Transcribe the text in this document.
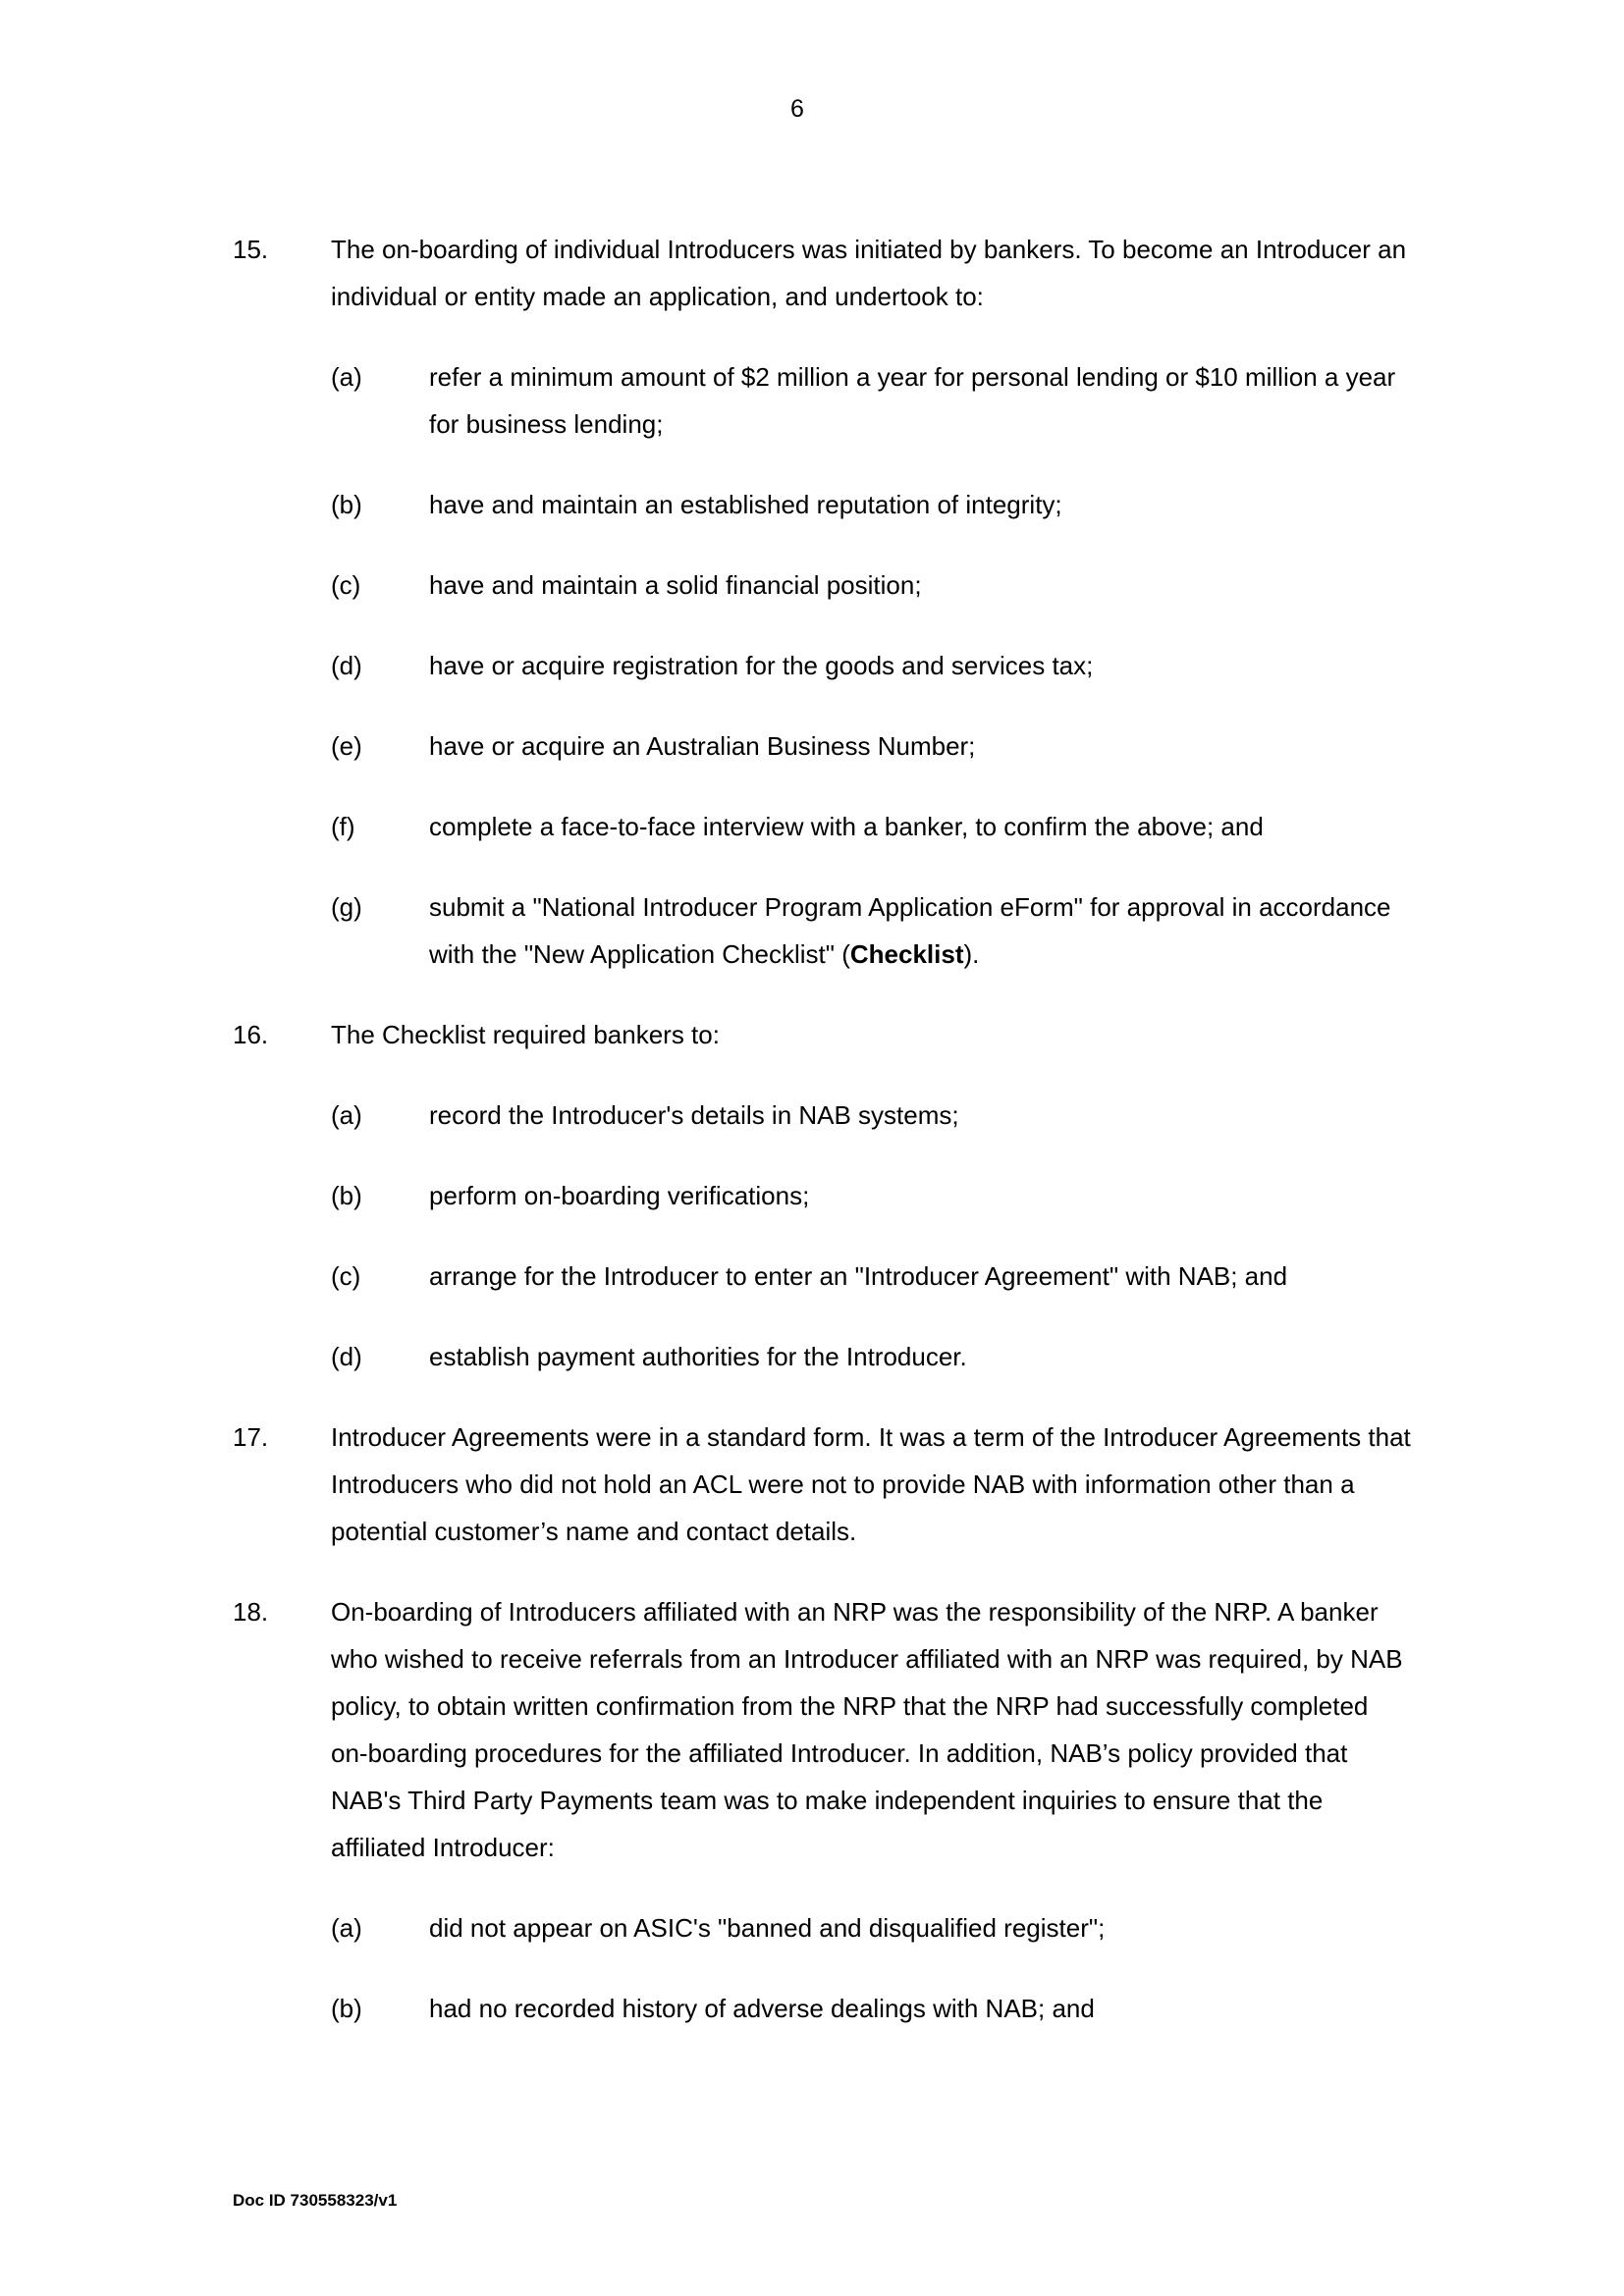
6
15. The on-boarding of individual Introducers was initiated by bankers. To become an Introducer an individual or entity made an application, and undertook to:
(a)	refer a minimum amount of $2 million a year for personal lending or $10 million a year for business lending;
(b)	have and maintain an established reputation of integrity;
(c)	have and maintain a solid financial position;
(d)	have or acquire registration for the goods and services tax;
(e)	have or acquire an Australian Business Number;
(f)	complete a face-to-face interview with a banker, to confirm the above; and
(g)	submit a "National Introducer Program Application eForm" for approval in accordance with the "New Application Checklist" (Checklist).
16. The Checklist required bankers to:
(a)	record the Introducer's details in NAB systems;
(b)	perform on-boarding verifications;
(c)	arrange for the Introducer to enter an "Introducer Agreement" with NAB; and
(d)	establish payment authorities for the Introducer.
17. Introducer Agreements were in a standard form. It was a term of the Introducer Agreements that Introducers who did not hold an ACL were not to provide NAB with information other than a potential customer’s name and contact details.
18. On-boarding of Introducers affiliated with an NRP was the responsibility of the NRP. A banker who wished to receive referrals from an Introducer affiliated with an NRP was required, by NAB policy, to obtain written confirmation from the NRP that the NRP had successfully completed on-boarding procedures for the affiliated Introducer. In addition, NAB’s policy provided that NAB's Third Party Payments team was to make independent inquiries to ensure that the affiliated Introducer:
(a)	did not appear on ASIC's "banned and disqualified register";
(b)	had no recorded history of adverse dealings with NAB; and
Doc ID 730558323/v1
